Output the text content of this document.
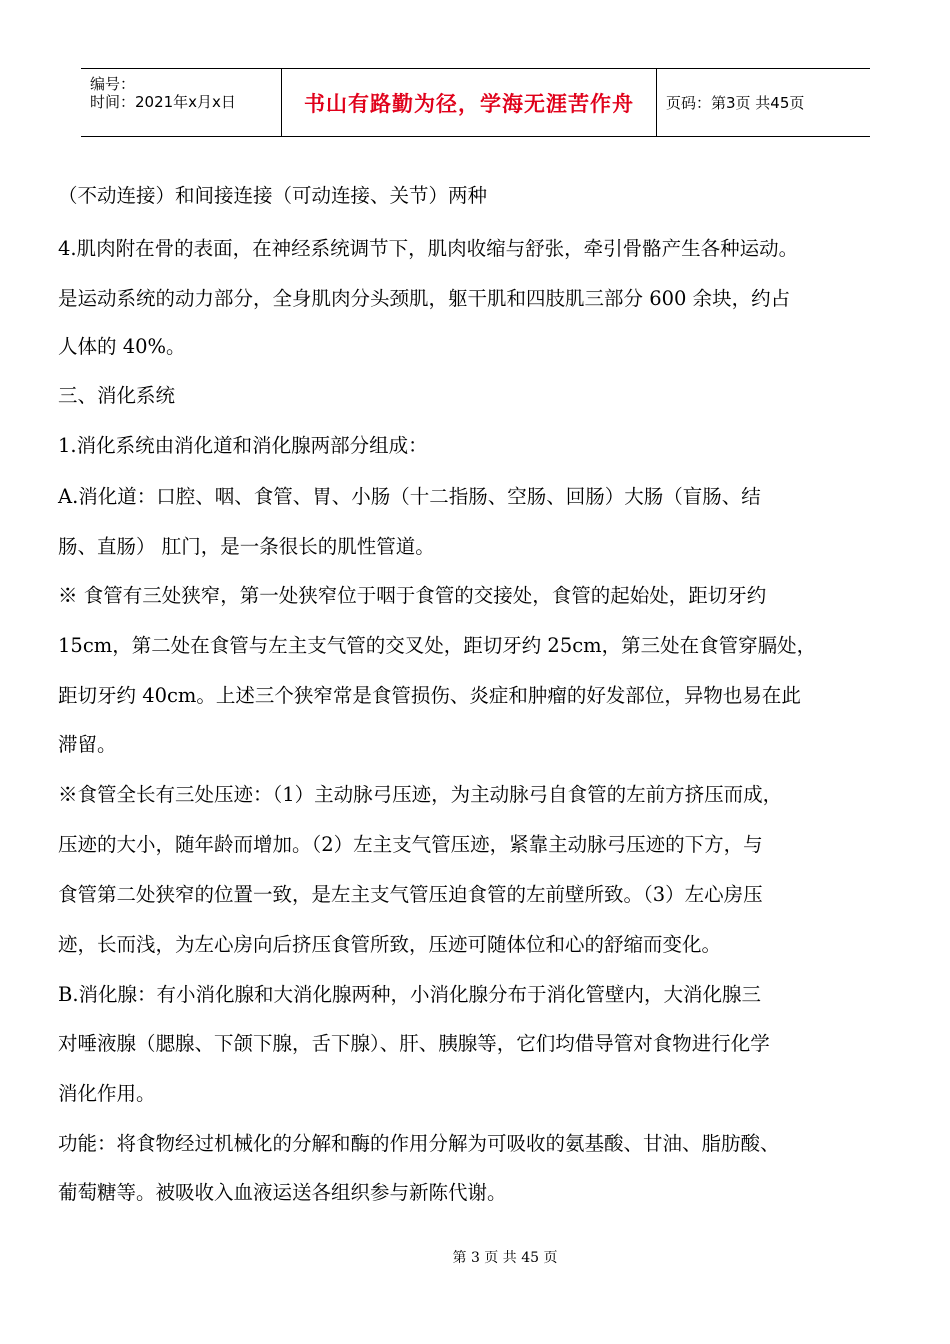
编号：
时间：2021年x月x日	书山有路勤为径，学海无涯苦作舟 页码：第3页 共45页
（不动连接）和间接连接（可动连接、关节）两种
4.肌肉附在骨的表面，在神经系统调节下，肌肉收缩与舒张，牵引骨骼产生各种运动。
是运动系统的动力部分，全身肌肉分头颈肌，躯干肌和四肢肌三部分 600 余块，约占
人体的 40%。
三、消化系统
1.消化系统由消化道和消化腺两部分组成：
A.消化道：口腔、咽、食管、胃、小肠（十二指肠、空肠、回肠）大肠（盲肠、结
肠、直肠） 肛门，是一条很长的肌性管道。
※ 食管有三处狭窄，第一处狭窄位于咽于食管的交接处，食管的起始处，距切牙约
15cm，第二处在食管与左主支气管的交叉处，距切牙约 25cm，第三处在食管穿膈处，
距切牙约 40cm。上述三个狭窄常是食管损伤、炎症和肿瘤的好发部位，异物也易在此
滞留。
※食管全长有三处压迹：（1）主动脉弓压迹，为主动脉弓自食管的左前方挤压而成，
压迹的大小，随年龄而增加。（2）左主支气管压迹，紧靠主动脉弓压迹的下方，与
食管第二处狭窄的位置一致，是左主支气管压迫食管的左前壁所致。（3）左心房压
迹，长而浅，为左心房向后挤压食管所致，压迹可随体位和心的舒缩而变化。
B.消化腺：有小消化腺和大消化腺两种，小消化腺分布于消化管壁内，大消化腺三
对唾液腺（腮腺、下颌下腺，舌下腺）、肝、胰腺等，它们均借导管对食物进行化学
消化作用。
功能：将食物经过机械化的分解和酶的作用分解为可吸收的氨基酸、甘油、脂肪酸、
葡萄糖等。被吸收入血液运送各组织参与新陈代谢。
第 3 页 共 45 页
